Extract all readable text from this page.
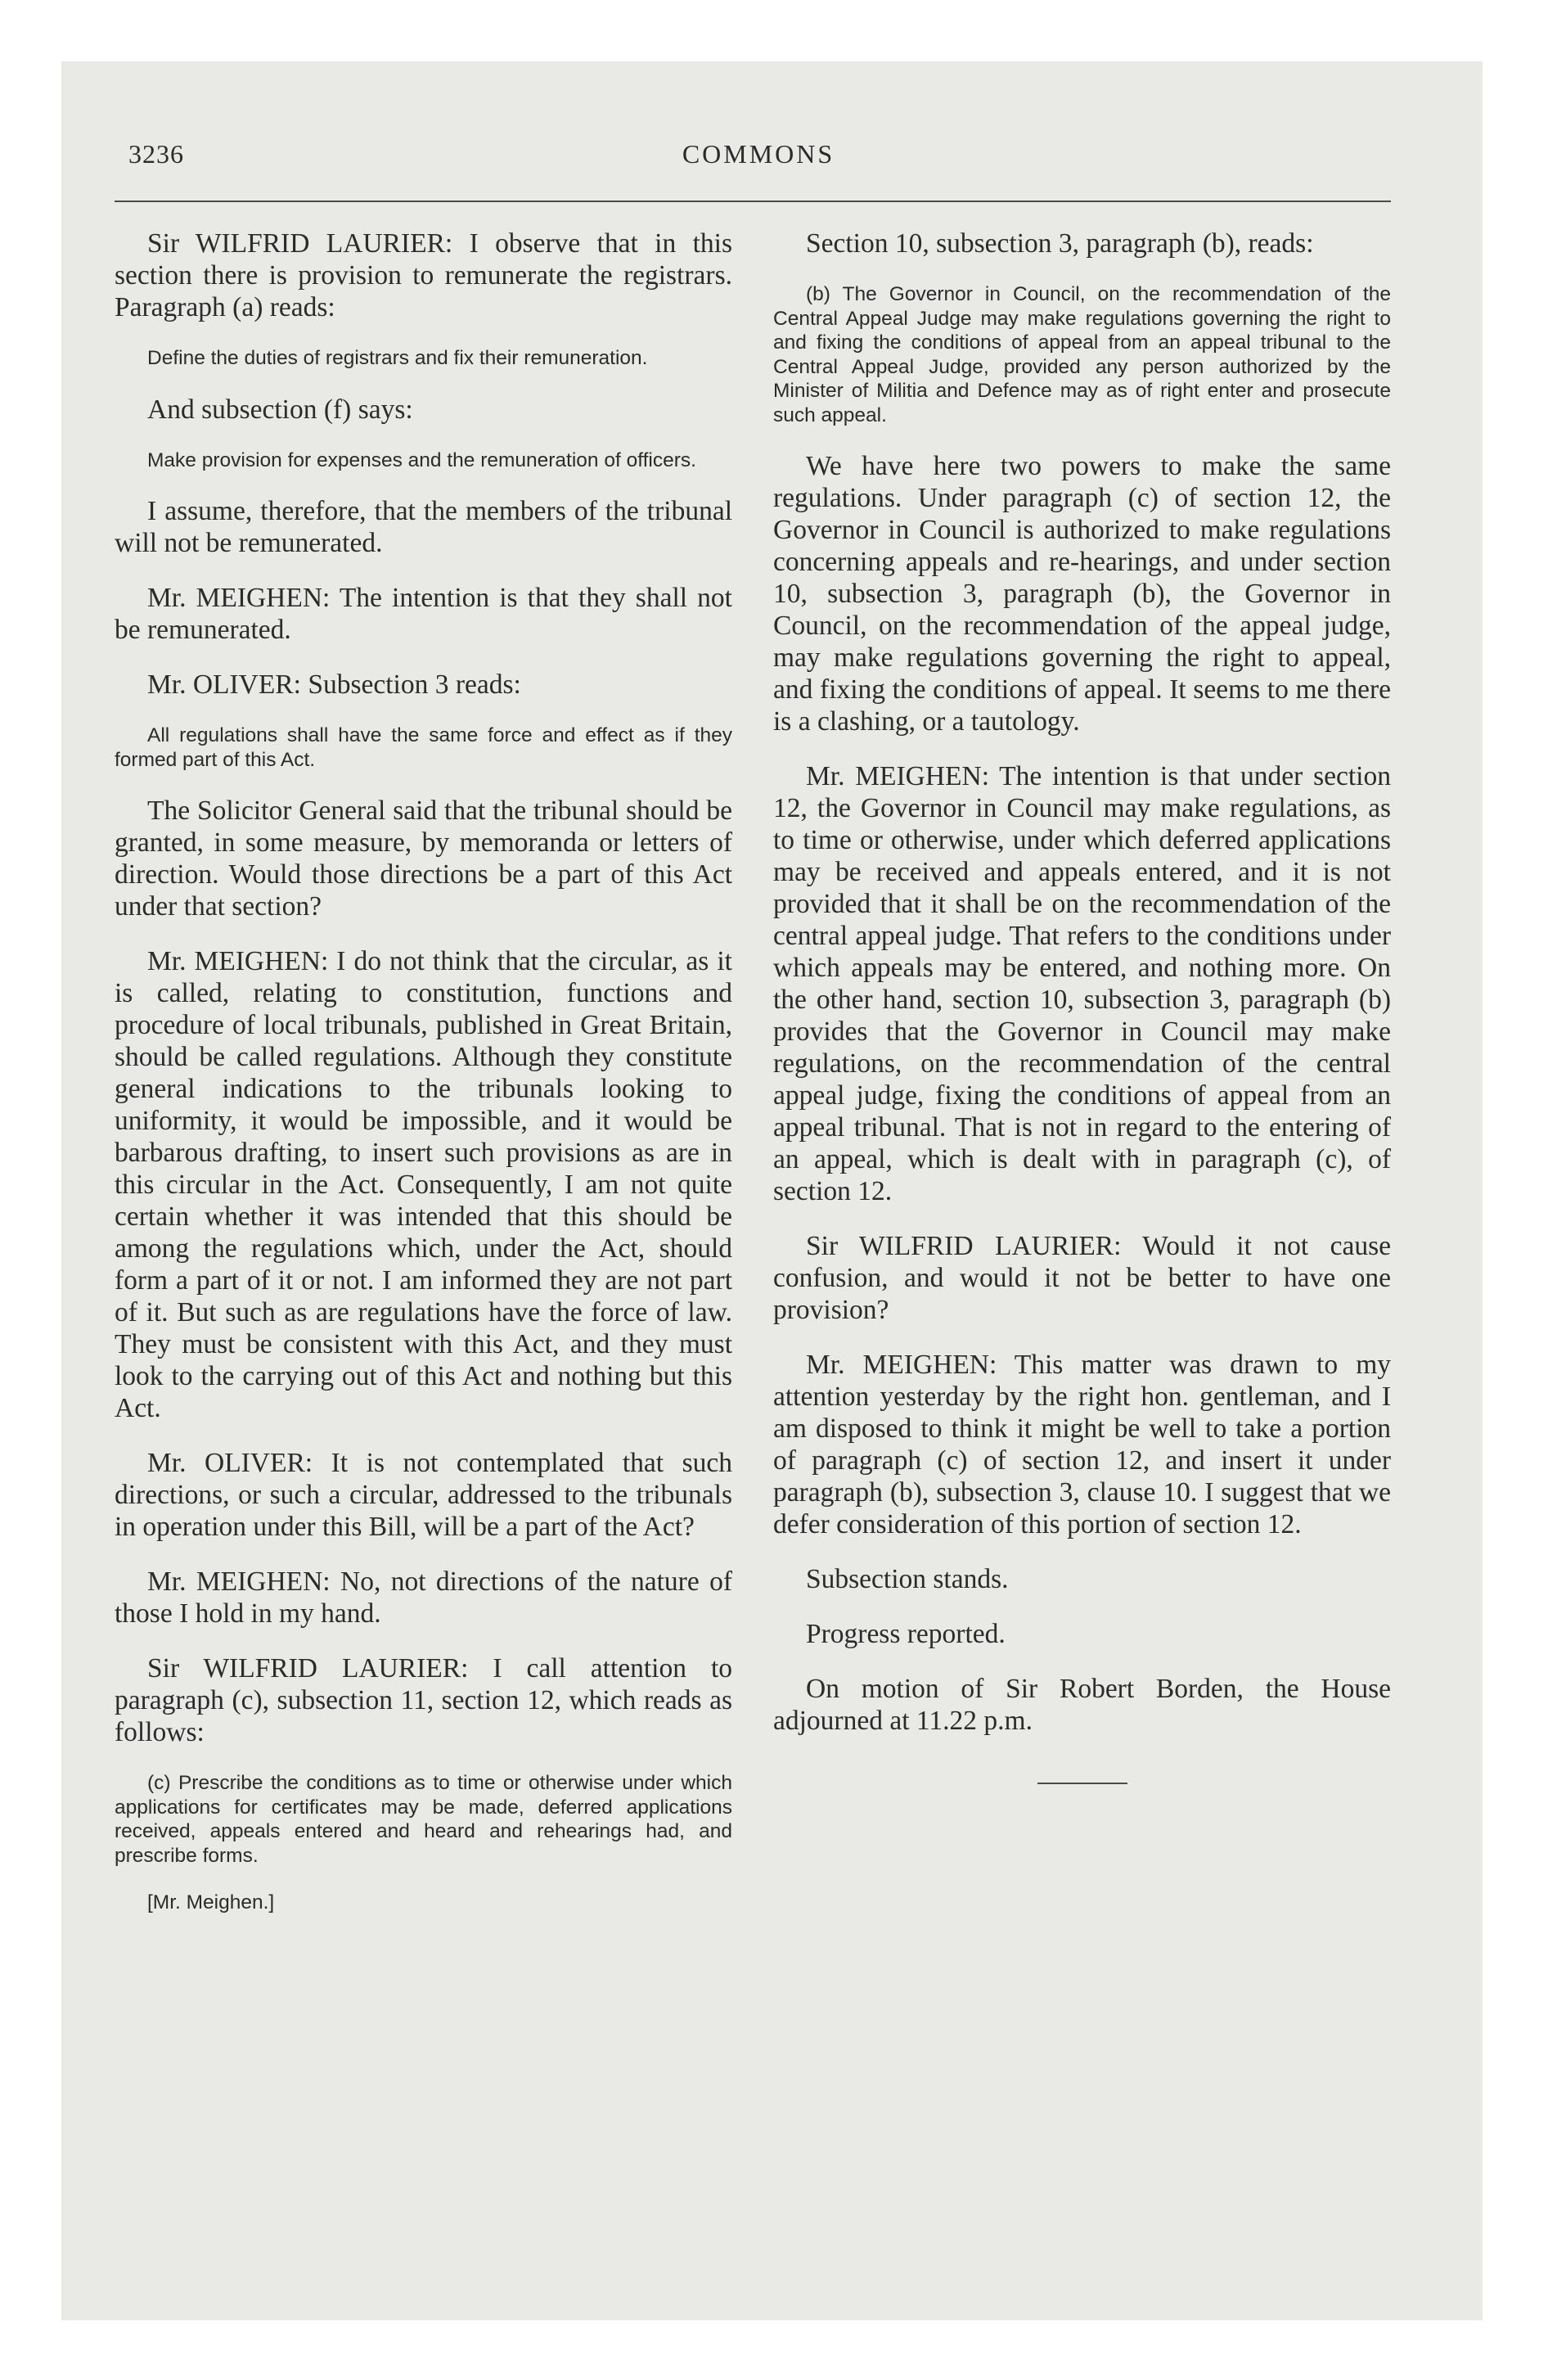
COMMONS
3236

Sir WILFRID LAURIER: I observe that in this section there is provision to remunerate the registrars. Paragraph (a) reads:

Define the duties of registrars and fix their remuneration.

And subsection (f) says:

Make provision for expenses and the remuneration of officers.

I assume, therefore, that the members of the tribunal will not be remunerated.

Mr. MEIGHEN: The intention is that they shall not be remunerated.

Mr. OLIVER: Subsection 3 reads:

All regulations shall have the same force and effect as if they formed part of this Act.

The Solicitor General said that the tribunal should be granted, in some measure, by memoranda or letters of direction. Would those directions be a part of this Act under that section?

Mr. MEIGHEN: I do not think that the circular, as it is called, relating to constitution, functions and procedure of local tribunals, published in Great Britain, should be called regulations. Although they constitute general indications to the tribunals looking to uniformity, it would be impossible, and it would be barbarous drafting, to insert such provisions as are in this circular in the Act. Consequently, I am not quite certain whether it was intended that this should be among the regulations which, under the Act, should form a part of it or not. I am informed they are not part of it. But such as are regulations have the force of law. They must be consistent with this Act, and they must look to the carrying out of this Act and nothing but this Act.

Mr. OLIVER: It is not contemplated that such directions, or such a circular, addressed to the tribunals in operation under this Bill, will be a part of the Act?

Mr. MEIGHEN: No, not directions of the nature of those I hold in my hand.

Sir WILFRID LAURIER: I call attention to paragraph (c), subsection 11, section 12, which reads as follows:

(c) Prescribe the conditions as to time or otherwise under which applications for certificates may be made, deferred applications received, appeals entered and heard and rehearings had, and prescribe forms.

[Mr. Meighen.]

Section 10, subsection 3, paragraph (b), reads:

(b) The Governor in Council, on the recommendation of the Central Appeal Judge may make regulations governing the right to and fixing the conditions of appeal from an appeal tribunal to the Central Appeal Judge, provided any person authorized by the Minister of Militia and Defence may as of right enter and prosecute such appeal.

We have here two powers to make the same regulations. Under paragraph (c) of section 12, the Governor in Council is authorized to make regulations concerning appeals and re-hearings, and under section 10, subsection 3, paragraph (b), the Governor in Council, on the recommendation of the appeal judge, may make regulations governing the right to appeal, and fixing the conditions of appeal. It seems to me there is a clashing, or a tautology.

Mr. MEIGHEN: The intention is that under section 12, the Governor in Council may make regulations, as to time or otherwise, under which deferred applications may be received and appeals entered, and it is not provided that it shall be on the recommendation of the central appeal judge. That refers to the conditions under which appeals may be entered, and nothing more. On the other hand, section 10, subsection 3, paragraph (b) provides that the Governor in Council may make regulations, on the recommendation of the central appeal judge, fixing the conditions of appeal from an appeal tribunal. That is not in regard to the entering of an appeal, which is dealt with in paragraph (c), of section 12.

Sir WILFRID LAURIER: Would it not cause confusion, and would it not be better to have one provision?

Mr. MEIGHEN: This matter was drawn to my attention yesterday by the right hon. gentleman, and I am disposed to think it might be well to take a portion of paragraph (c) of section 12, and insert it under paragraph (b), subsection 3, clause 10. I suggest that we defer consideration of this portion of section 12.

Subsection stands.

Progress reported.

On motion of Sir Robert Borden, the House adjourned at 11.22 p.m.
